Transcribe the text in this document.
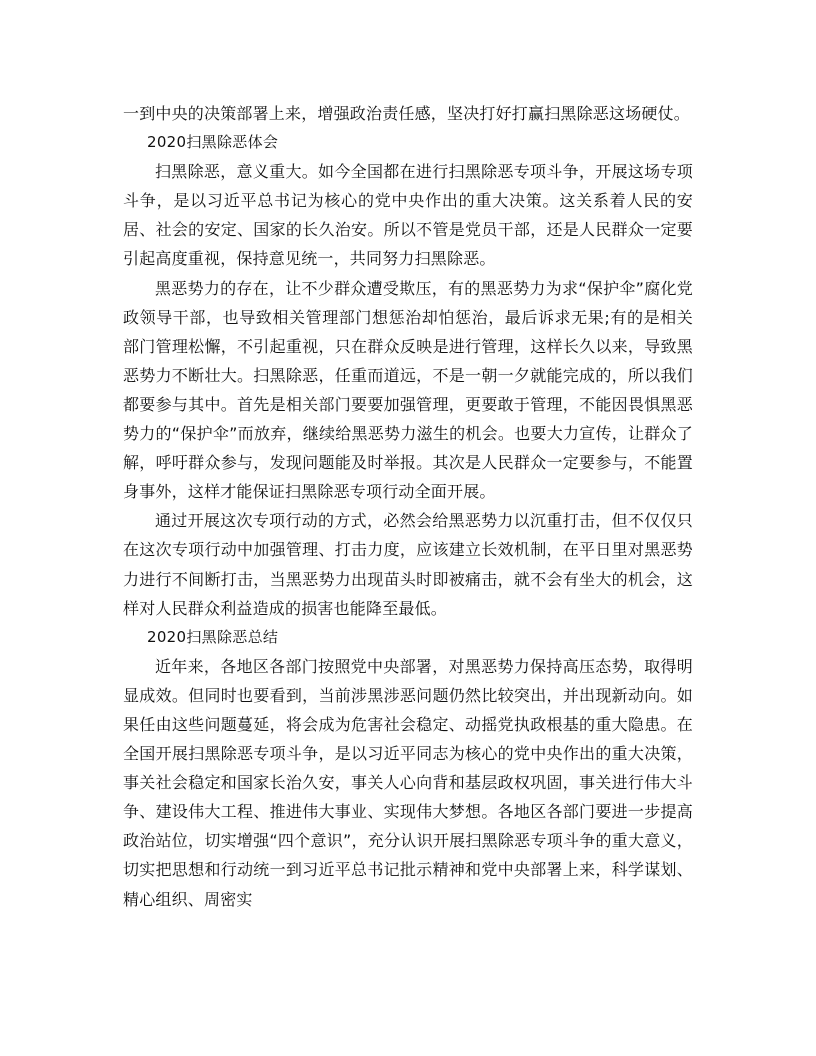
一到中央的决策部署上来，增强政治责任感，坚决打好打赢扫黑除恶这场硬仗。

2020扫黑除恶体会

扫黑除恶，意义重大。如今全国都在进行扫黑除恶专项斗争，开展这场专项斗争，是以习近平总书记为核心的党中央作出的重大决策。这关系着人民的安居、社会的安定、国家的长久治安。所以不管是党员干部，还是人民群众一定要引起高度重视，保持意见统一，共同努力扫黑除恶。

黑恶势力的存在，让不少群众遭受欺压，有的黑恶势力为求“保护伞”腐化党政领导干部，也导致相关管理部门想惩治却怕惩治，最后诉求无果;有的是相关部门管理松懈，不引起重视，只在群众反映是进行管理，这样长久以来，导致黑恶势力不断壮大。扫黑除恶，任重而道远，不是一朝一夕就能完成的，所以我们都要参与其中。首先是相关部门要要加强管理，更要敢于管理，不能因畏惧黑恶势力的“保护伞”而放弃，继续给黑恶势力滋生的机会。也要大力宣传，让群众了解，呼吁群众参与，发现问题能及时举报。其次是人民群众一定要参与，不能置身事外，这样才能保证扫黑除恶专项行动全面开展。

通过开展这次专项行动的方式，必然会给黑恶势力以沉重打击，但不仅仅只在这次专项行动中加强管理、打击力度，应该建立长效机制，在平日里对黑恶势力进行不间断打击，当黑恶势力出现苗头时即被痛击，就不会有坐大的机会，这样对人民群众利益造成的损害也能降至最低。

2020扫黑除恶总结

近年来，各地区各部门按照党中央部署，对黑恶势力保持高压态势，取得明显成效。但同时也要看到，当前涉黑涉恶问题仍然比较突出，并出现新动向。如果任由这些问题蔓延，将会成为危害社会稳定、动摇党执政根基的重大隐患。在全国开展扫黑除恶专项斗争，是以习近平同志为核心的党中央作出的重大决策，事关社会稳定和国家长治久安，事关人心向背和基层政权巩固，事关进行伟大斗争、建设伟大工程、推进伟大事业、实现伟大梦想。各地区各部门要进一步提高政治站位，切实增强“四个意识”，充分认识开展扫黑除恶专项斗争的重大意义，切实把思想和行动统一到习近平总书记批示精神和党中央部署上来，科学谋划、精心组织、周密实
